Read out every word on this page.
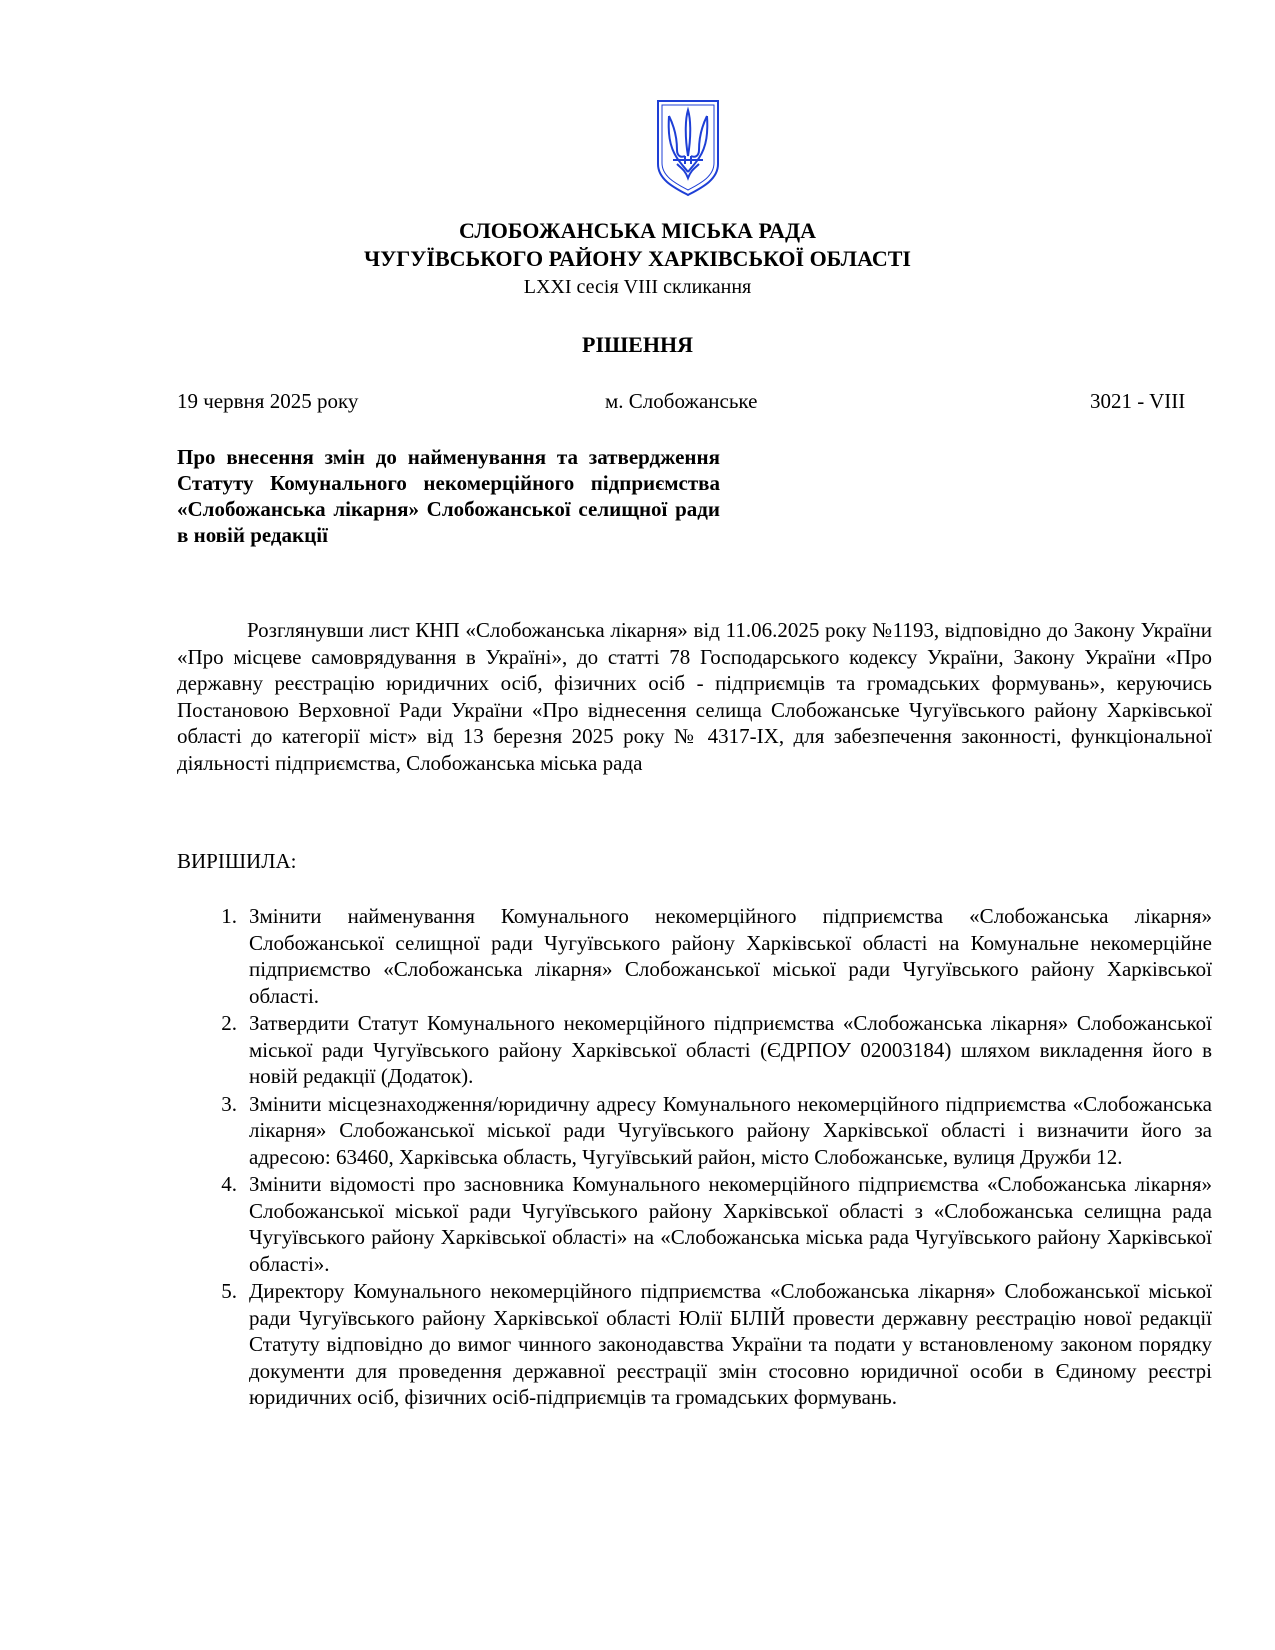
СЛОБОЖАНСЬКА МІСЬКА РАДА
ЧУГУЇВСЬКОГО РАЙОНУ ХАРКІВСЬКОЇ ОБЛАСТІ
LXXI сесія VIII скликання
РІШЕННЯ
19 червня 2025 року	м. Слобожанське	3021 - VIII

Про внесення змін до найменування та затвердження Статуту Комунального некомерційного підприємства «Слобожанська лікарня» Слобожанської селищної ради в новій редакції

Розглянувши лист КНП «Слобожанська лікарня» від 11.06.2025 року №1193, відповідно до Закону України «Про місцеве самоврядування в Україні», до статті 78 Господарського кодексу України, Закону України «Про державну реєстрацію юридичних осіб, фізичних осіб - підприємців та громадських формувань», керуючись Постановою Верховної Ради України «Про віднесення селища Слобожанське Чугуївського району Харківської області до категорії міст» від 13 березня 2025 року № 4317-IX, для забезпечення законності, функціональної діяльності підприємства, Слобожанська міська рада

ВИРІШИЛА:
1. Змінити найменування Комунального некомерційного підприємства «Слобожанська лікарня» Слобожанської селищної ради Чугуївського району Харківської області на Комунальне некомерційне підприємство «Слобожанська лікарня» Слобожанської міської ради Чугуївського району Харківської області.
2. Затвердити Статут Комунального некомерційного підприємства «Слобожанська лікарня» Слобожанської міської ради Чугуївського району Харківської області (ЄДРПОУ 02003184) шляхом викладення його в новій редакції (Додаток).
3. Змінити місцезнаходження/юридичну адресу Комунального некомерційного підприємства «Слобожанська лікарня» Слобожанської міської ради Чугуївського району Харківської області і визначити його за адресою: 63460, Харківська область, Чугуївський район, місто Слобожанське, вулиця Дружби 12.
4. Змінити відомості про засновника Комунального некомерційного підприємства «Слобожанська лікарня» Слобожанської міської ради Чугуївського району Харківської області з «Слобожанська селищна рада Чугуївського району Харківської області» на «Слобожанська міська рада Чугуївського району Харківської області».
5. Директору Комунального некомерційного підприємства «Слобожанська лікарня» Слобожанської міської ради Чугуївського району Харківської області Юлії БІЛІЙ провести державну реєстрацію нової редакції Статуту відповідно до вимог чинного законодавства України та подати у встановленому законом порядку документи для проведення державної реєстрації змін стосовно юридичної особи в Єдиному реєстрі юридичних осіб, фізичних осіб-підприємців та громадських формувань.
